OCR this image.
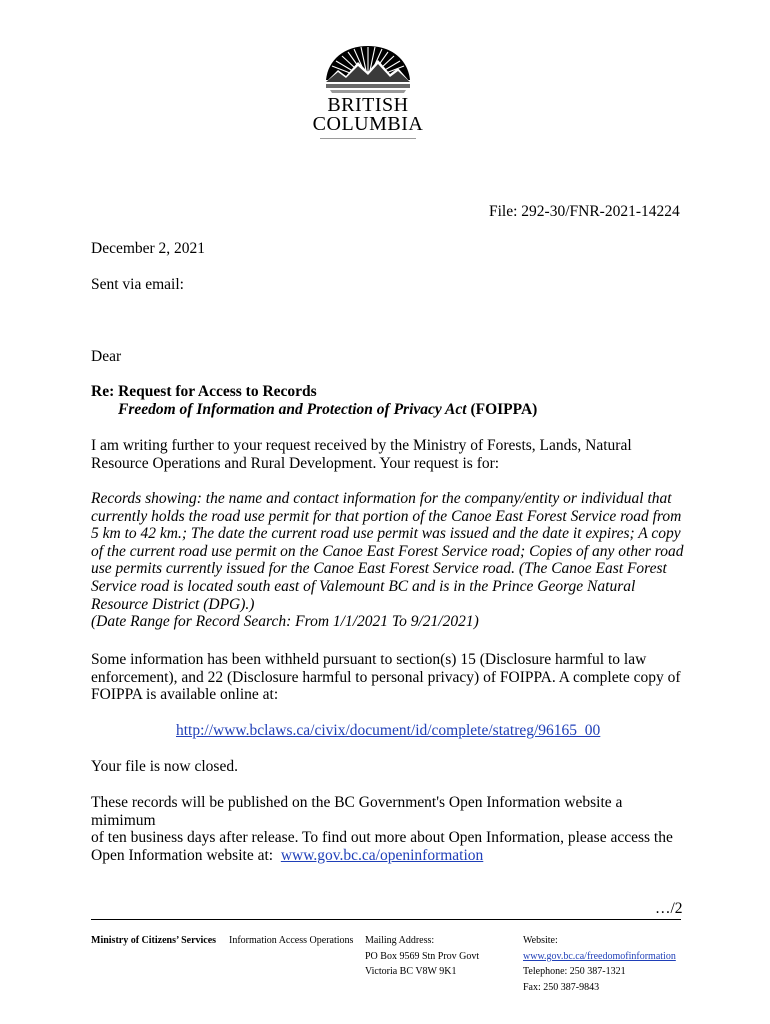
BRITISH
COLUMBIA
File: 292-30/FNR-2021-14224
December 2, 2021
Sent via email:
Dear
Re: Request for Access to Records
Freedom of Information and Protection of Privacy Act (FOIPPA)
I am writing further to your request received by the Ministry of Forests, Lands, Natural
Resource Operations and Rural Development. Your request is for:
Records showing: the name and contact information for the company/entity or individual that
currently holds the road use permit for that portion of the Canoe East Forest Service road from
5 km to 42 km.; The date the current road use permit was issued and the date it expires; A copy
of the current road use permit on the Canoe East Forest Service road; Copies of any other road
use permits currently issued for the Canoe East Forest Service road. (The Canoe East Forest
Service road is located south east of Valemount BC and is in the Prince George Natural
Resource District (DPG).)
(Date Range for Record Search: From 1/1/2021 To 9/21/2021)
Some information has been withheld pursuant to section(s) 15 (Disclosure harmful to law
enforcement), and 22 (Disclosure harmful to personal privacy) of FOIPPA. A complete copy of
FOIPPA is available online at:
http://www.bclaws.ca/civix/document/id/complete/statreg/96165_00
Your file is now closed.
These records will be published on the BC Government's Open Information website a mimimum
of ten business days after release. To find out more about Open Information, please access the
Open Information website at:  www.gov.bc.ca/openinformation
…/2
Ministry of Citizens’ Services Information Access Operations Mailing Address:
PO Box 9569 Stn Prov Govt
Victoria BC V8W 9K1
Website:
www.gov.bc.ca/freedomofinformation
Telephone: 250 387-1321
Fax: 250 387-9843
